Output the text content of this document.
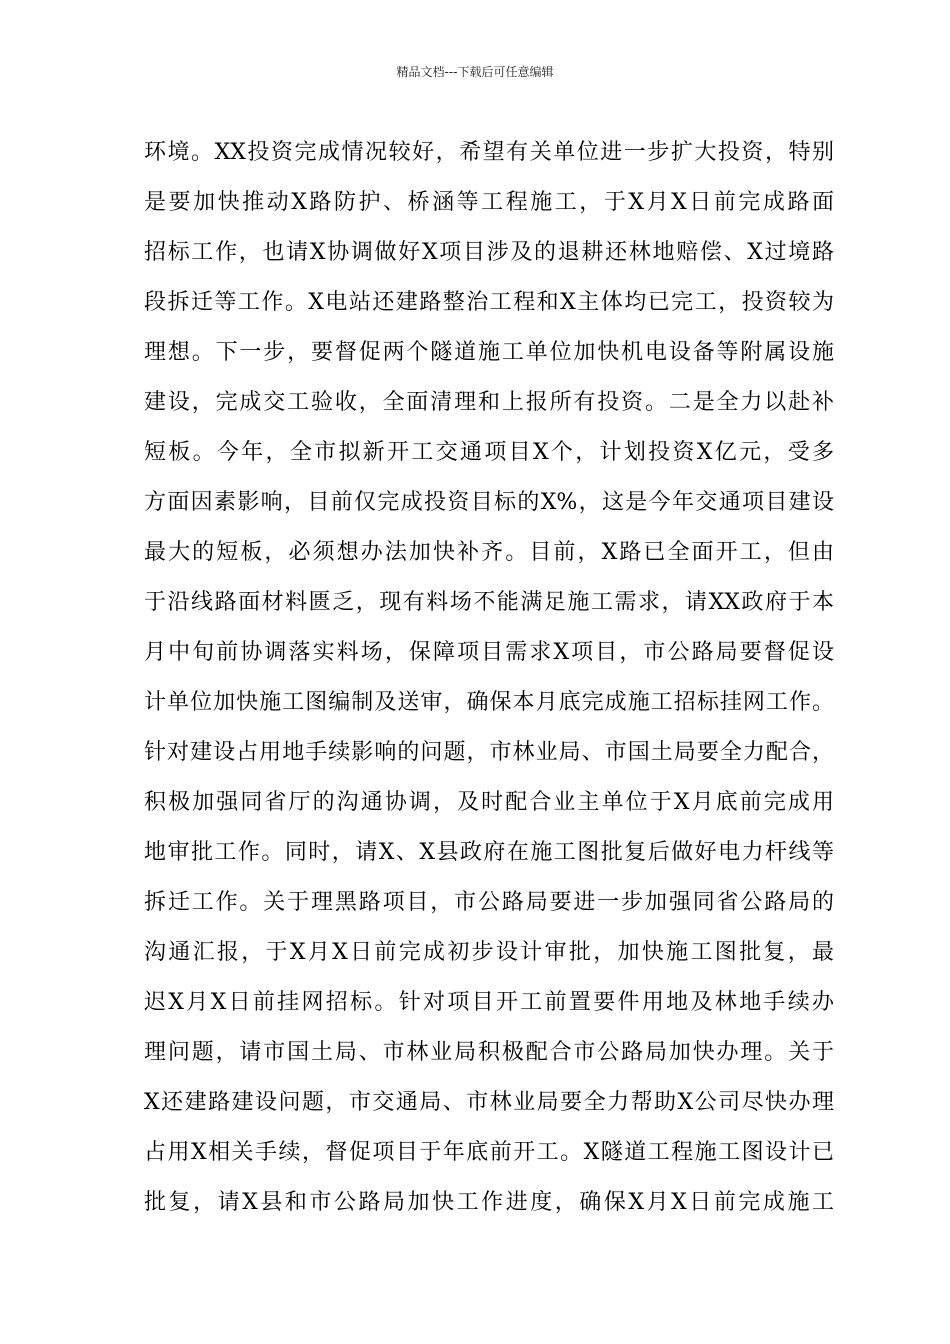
精品文档---下载后可任意编辑
环境。XX投资完成情况较好，希望有关单位进一步扩大投资，特别
是要加快推动X路防护、桥涵等工程施工，于X月X日前完成路面
招标工作，也请X协调做好X项目涉及的退耕还林地赔偿、X过境路
段拆迁等工作。X电站还建路整治工程和X主体均已完工，投资较为
理想。下一步，要督促两个隧道施工单位加快机电设备等附属设施
建设，完成交工验收，全面清理和上报所有投资。二是全力以赴补
短板。今年，全市拟新开工交通项目X个，计划投资X亿元，受多
方面因素影响，目前仅完成投资目标的X%，这是今年交通项目建设
最大的短板，必须想办法加快补齐。目前，X路已全面开工，但由
于沿线路面材料匮乏，现有料场不能满足施工需求，请XX政府于本
月中旬前协调落实料场，保障项目需求X项目，市公路局要督促设
计单位加快施工图编制及送审，确保本月底完成施工招标挂网工作。
针对建设占用地手续影响的问题，市林业局、市国土局要全力配合，
积极加强同省厅的沟通协调，及时配合业主单位于X月底前完成用
地审批工作。同时，请X、X县政府在施工图批复后做好电力杆线等
拆迁工作。关于理黑路项目，市公路局要进一步加强同省公路局的
沟通汇报，于X月X日前完成初步设计审批，加快施工图批复，最
迟X月X日前挂网招标。针对项目开工前置要件用地及林地手续办
理问题，请市国土局、市林业局积极配合市公路局加快办理。关于
X还建路建设问题，市交通局、市林业局要全力帮助X公司尽快办理
占用X相关手续，督促项目于年底前开工。X隧道工程施工图设计已
批复，请X县和市公路局加快工作进度，确保X月X日前完成施工
